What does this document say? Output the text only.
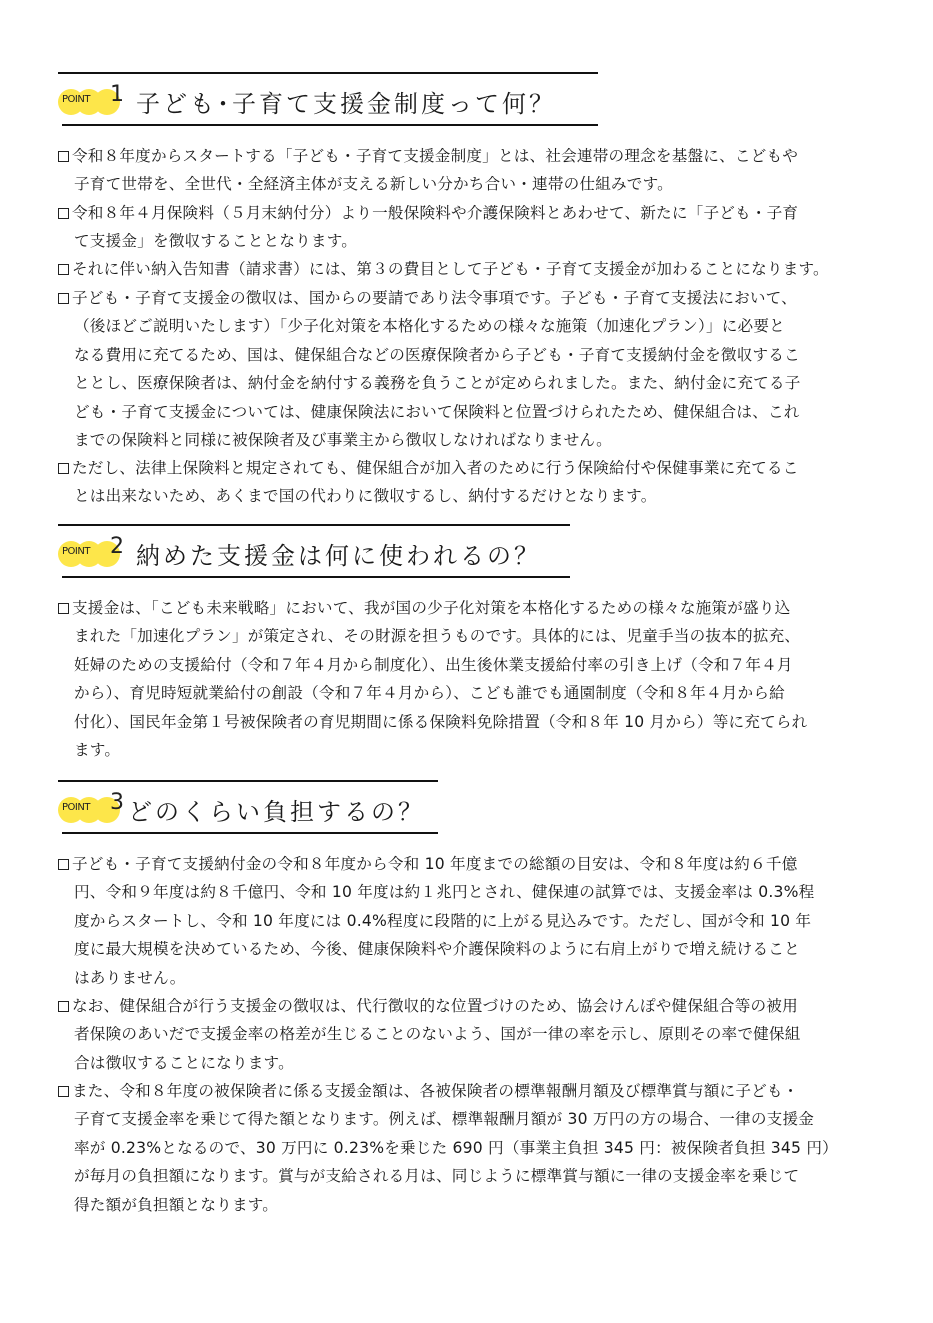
POINT 1 子ども･子育て支援金制度って何？
令和８年度からスタートする「子ども・子育て支援金制度」とは、社会連帯の理念を基盤に、こどもや
子育て世帯を、全世代・全経済主体が支える新しい分かち合い・連帯の仕組みです。
令和８年４月保険料（５月末納付分）より一般保険料や介護保険料とあわせて、新たに「子ども・子育
て支援金」を徴収することとなります。
それに伴い納入告知書（請求書）には、第３の費目として子ども・子育て支援金が加わることになります。
子ども・子育て支援金の徴収は、国からの要請であり法令事項です。子ども・子育て支援法において、
（後ほどご説明いたします）「少子化対策を本格化するための様々な施策（加速化プラン）」に必要と
なる費用に充てるため、国は、健保組合などの医療保険者から子ども・子育て支援納付金を徴収するこ
ととし、医療保険者は、納付金を納付する義務を負うことが定められました。また、納付金に充てる子
ども・子育て支援金については、健康保険法において保険料と位置づけられたため、健保組合は、これ
までの保険料と同様に被保険者及び事業主から徴収しなければなりません。
ただし、法律上保険料と規定されても、健保組合が加入者のために行う保険給付や保健事業に充てるこ
とは出来ないため、あくまで国の代わりに徴収するし、納付するだけとなります。
POINT 2 納めた支援金は何に使われるの？
支援金は、「こども未来戦略」において、我が国の少子化対策を本格化するための様々な施策が盛り込
まれた「加速化プラン」が策定され、その財源を担うものです。具体的には、児童手当の抜本的拡充、
妊婦のための支援給付（令和７年４月から制度化）、出生後休業支援給付率の引き上げ（令和７年４月
から）、育児時短就業給付の創設（令和７年４月から）、こども誰でも通園制度（令和８年４月から給
付化）、国民年金第１号被保険者の育児期間に係る保険料免除措置（令和８年 10 月から）等に充てられ
ます。
POINT 3 どのくらい負担するの？
子ども・子育て支援納付金の令和８年度から令和 10 年度までの総額の目安は、令和８年度は約６千億
円、令和９年度は約８千億円、令和 10 年度は約１兆円とされ、健保連の試算では、支援金率は 0.3%程
度からスタートし、令和 10 年度には 0.4%程度に段階的に上がる見込みです。ただし、国が令和 10 年
度に最大規模を決めているため、今後、健康保険料や介護保険料のように右肩上がりで増え続けること
はありません。
なお、健保組合が行う支援金の徴収は、代行徴収的な位置づけのため、協会けんぽや健保組合等の被用
者保険のあいだで支援金率の格差が生じることのないよう、国が一律の率を示し、原則その率で健保組
合は徴収することになります。
また、令和８年度の被保険者に係る支援金額は、各被保険者の標準報酬月額及び標準賞与額に子ども・
子育て支援金率を乗じて得た額となります。例えば、標準報酬月額が 30 万円の方の場合、一律の支援金
率が 0.23%となるので、30 万円に 0.23%を乗じた 690 円（事業主負担 345 円：被保険者負担 345 円）
が毎月の負担額になります。賞与が支給される月は、同じように標準賞与額に一律の支援金率を乗じて
得た額が負担額となります。
